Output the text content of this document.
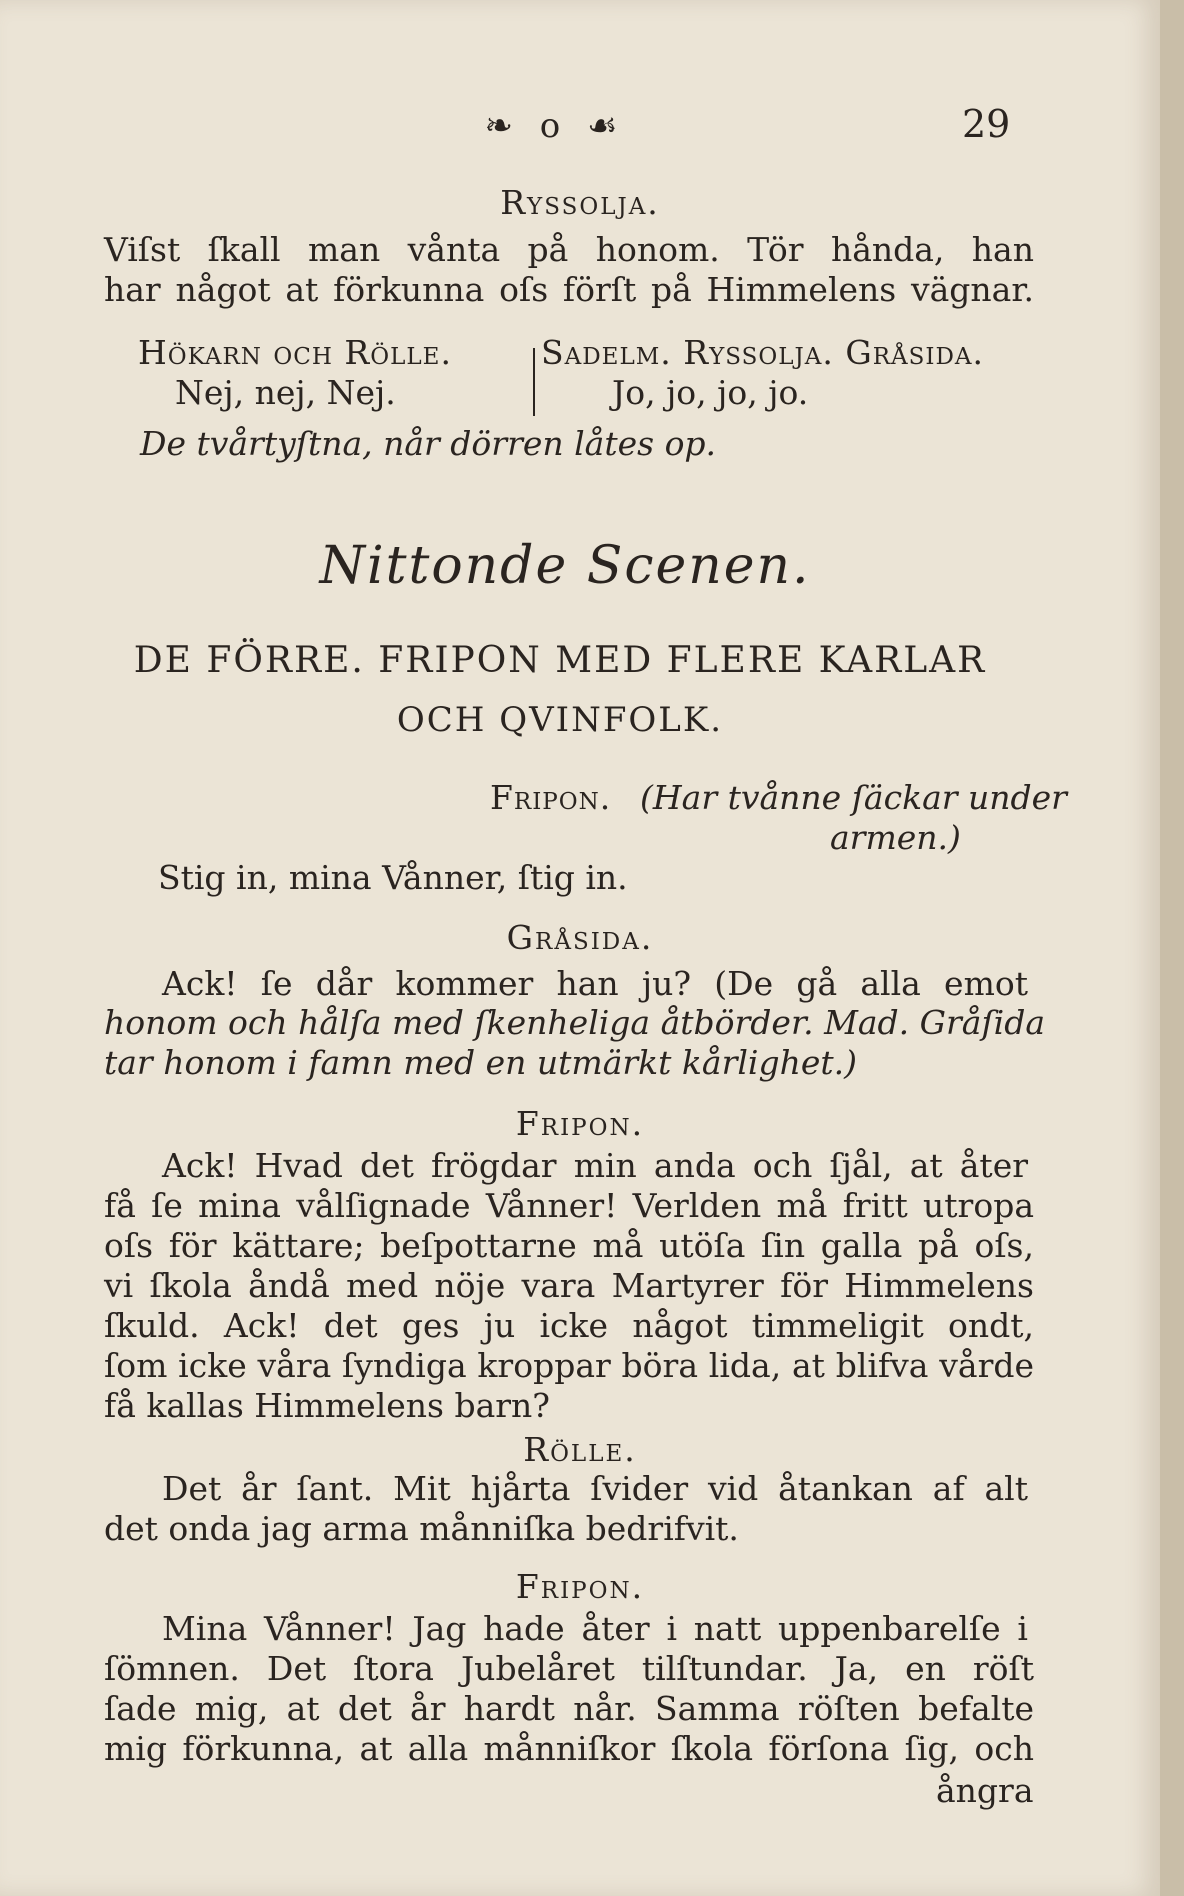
❧ o ☙	29
Ryssolja.
Viſst ſkall man vånta på honom. Tör hånda, han
har något at förkunna oſs förſt på Himmelens vägnar.
Hökarn och Rölle.
Nej, nej, Nej.
Sadelm. Ryssolja. Gråsida.
Jo, jo, jo, jo.
De tvårtyſtna, når dörren låtes op.
Nittonde Scenen.
DE FÖRRE. FRIPON MED FLERE KARLAR
OCH QVINFOLK.
Fripon. (Har tvånne ſäckar under
armen.)
Stig in, mina Vånner, ſtig in.
Gråsida.
Ack! ſe dår kommer han ju? (De gå alla emot
honom och hålſa med ſkenheliga åtbörder. Mad. Gråſida
tar honom i famn med en utmärkt kårlighet.)
Fripon.
Ack! Hvad det frögdar min anda och ſjål, at åter
få ſe mina vålſignade Vånner! Verlden må fritt utropa
oſs för kättare; beſpottarne må utöſa ſin galla på oſs,
vi ſkola åndå med nöje vara Martyrer för Himmelens
ſkuld. Ack! det ges ju icke något timmeligit ondt,
ſom icke våra ſyndiga kroppar böra lida, at blifva vårde
få kallas Himmelens barn?
Rölle.
Det år ſant. Mit hjårta ſvider vid åtankan af alt
det onda jag arma månniſka bedrifvit.
Fripon.
Mina Vånner! Jag hade åter i natt uppenbarelſe i
ſömnen. Det ſtora Jubelåret tilſtundar. Ja, en röſt
ſade mig, at det år hardt når. Samma röſten befalte
mig förkunna, at alla månniſkor ſkola förſona ſig, och
ångra
